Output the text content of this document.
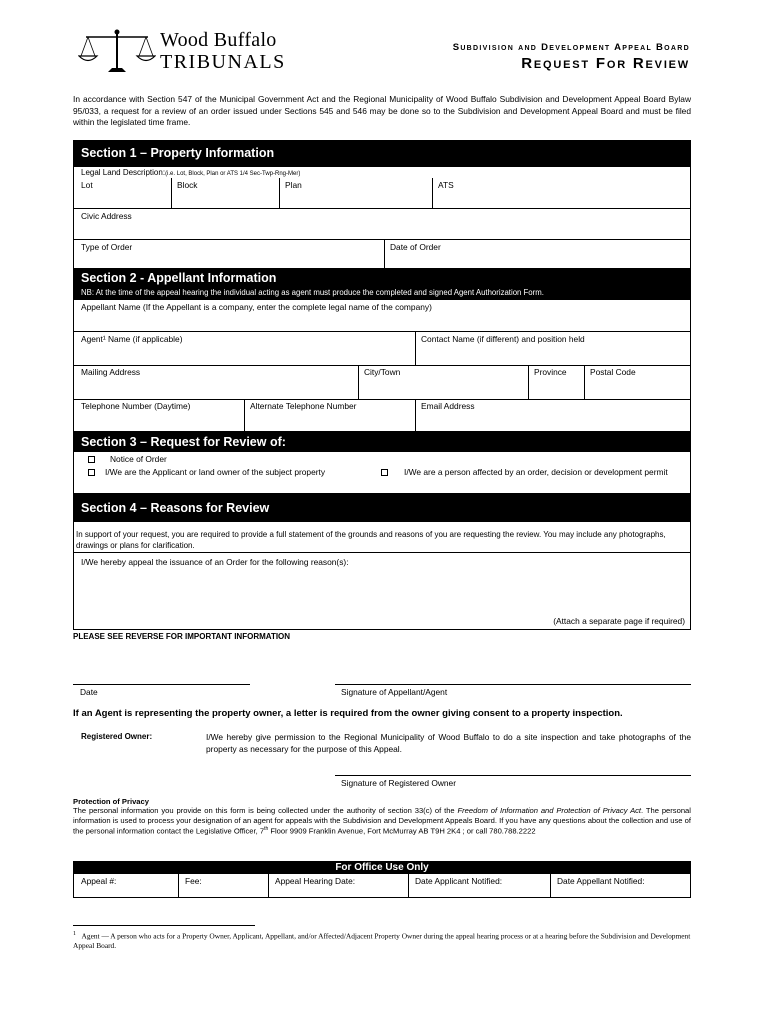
Wood Buffalo
TRIBUNALS
Subdivision and Development Appeal Board
Request For Review
In accordance with Section 547 of the Municipal Government Act and the Regional Municipality of Wood Buffalo Subdivision and Development Appeal Board Bylaw 95/033, a request for a review of an order issued under Sections 545 and 546 may be done so to the Subdivision and Development Appeal Board and must be filed within the legislated time frame.
Section 1 – Property Information
Legal Land Description:(i.e. Lot, Block, Plan or ATS 1/4 Sec-Twp-Rng-Mer)
Lot	Block	Plan	ATS
Civic Address
Type of Order	Date of Order
Section 2 - Appellant Information
NB: At the time of the appeal hearing the individual acting as agent must produce the completed and signed Agent Authorization Form.
Appellant Name (If the Appellant is a company, enter the complete legal name of the company)
Agent¹ Name (if applicable)	Contact Name (if different) and position held
Mailing Address	City/Town	Province	Postal Code
Telephone Number (Daytime)	Alternate Telephone Number	Email Address
Section 3 – Request for Review of:
Notice of Order
I/We are the Applicant or land owner of the subject property	I/We are a person affected by an order, decision or development permit
Section 4 – Reasons for Review
In support of your request, you are required to provide a full statement of the grounds and reasons of you are requesting the review. You may include any photographs, drawings or plans for clarification.
I/We hereby appeal the issuance of an Order for the following reason(s):
(Attach a separate page if required)
PLEASE SEE REVERSE FOR IMPORTANT INFORMATION
Date	Signature of Appellant/Agent
If an Agent is representing the property owner, a letter is required from the owner giving consent to a property inspection.
Registered Owner:	I/We hereby give permission to the Regional Municipality of Wood Buffalo to do a site inspection and take photographs of the property as necessary for the purpose of this Appeal.
Signature of Registered Owner
Protection of Privacy
The personal information you provide on this form is being collected under the authority of section 33(c) of the Freedom of Information and Protection of Privacy Act. The personal information is used to process your designation of an agent for appeals with the Subdivision and Development Appeals Board. If you have any questions about the collection and use of the personal information contact the Legislative Officer, 7th Floor 9909 Franklin Avenue, Fort McMurray AB T9H 2K4 ; or call 780.788.2222
For Office Use Only
Appeal #:	Fee:	Appeal Hearing Date:	Date Applicant Notified:	Date Appellant Notified:
$^1$ Agent — A person who acts for a Property Owner, Applicant, Appellant, and/or Affected/Adjacent Property Owner during the appeal hearing process or at a hearing before the Subdivision and Development Appeal Board.
